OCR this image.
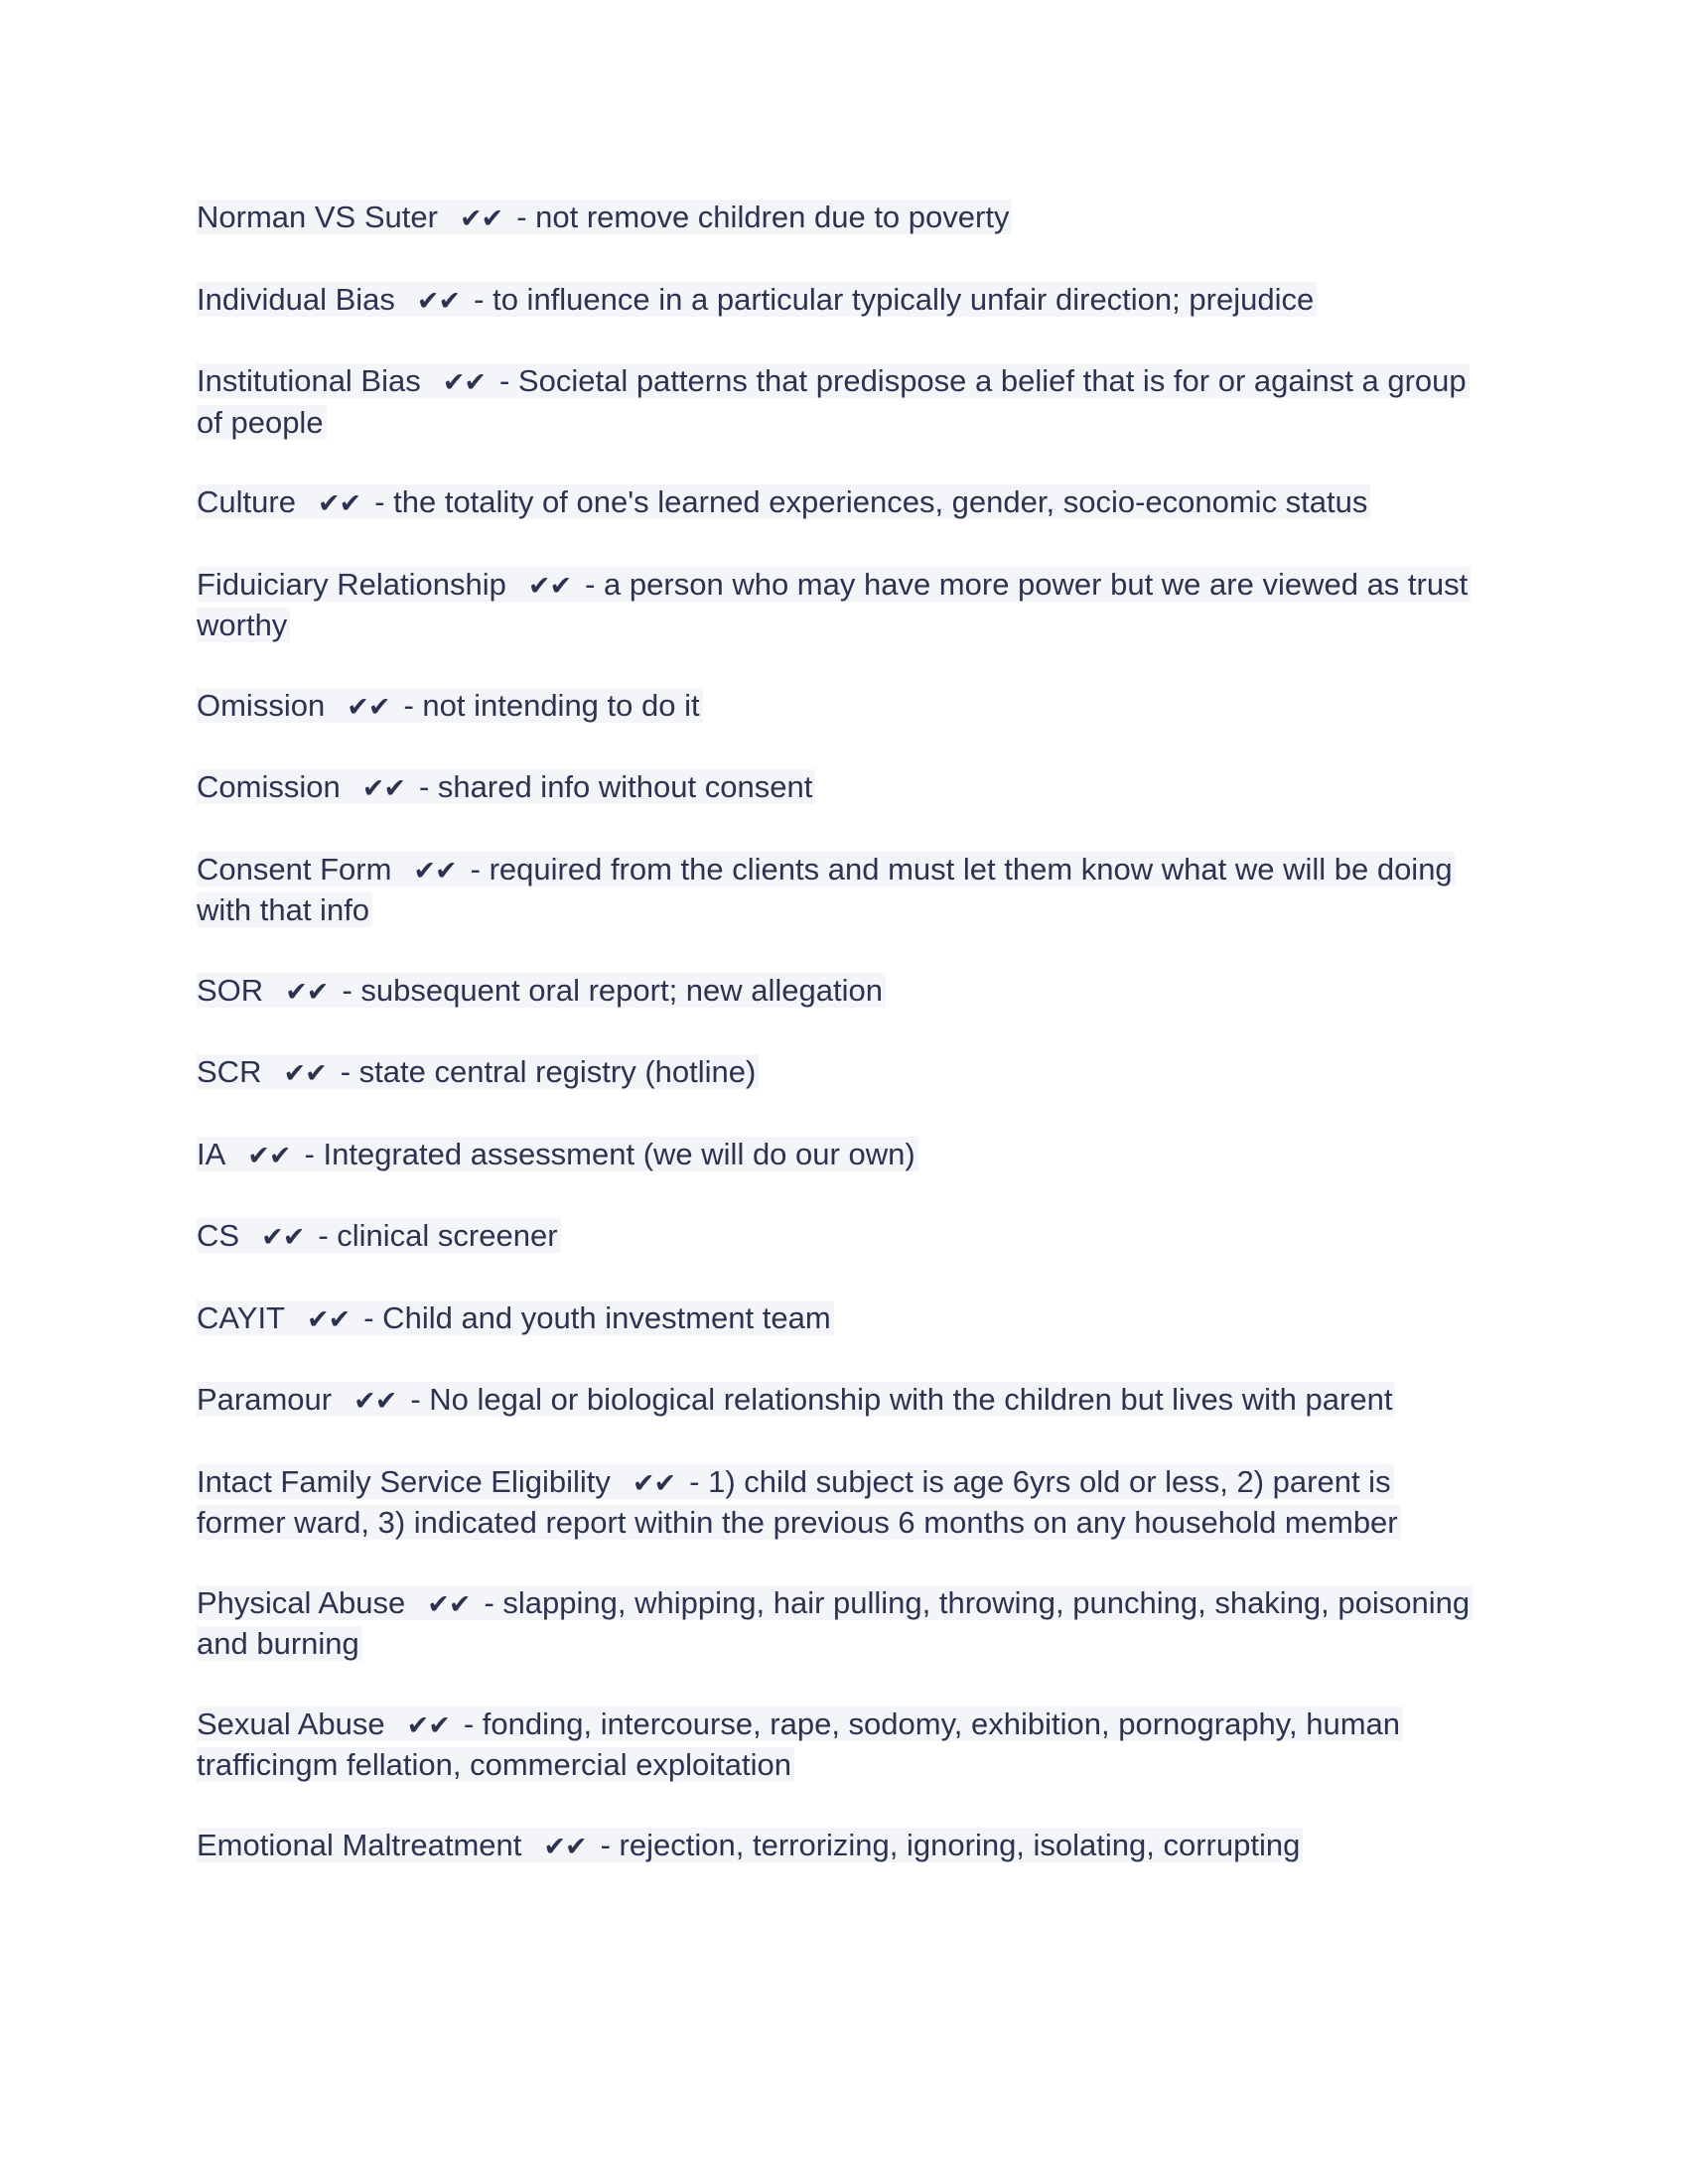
Norman VS Suter ✔✔ - not remove children due to poverty

Individual Bias ✔✔ - to influence in a particular typically unfair direction; prejudice

Institutional Bias ✔✔ - Societal patterns that predispose a belief that is for or against a group of people

Culture ✔✔ - the totality of one's learned experiences, gender, socio-economic status

Fiduiciary Relationship ✔✔ - a person who may have more power but we are viewed as trust worthy

Omission ✔✔ - not intending to do it

Comission ✔✔ - shared info without consent

Consent Form ✔✔ - required from the clients and must let them know what we will be doing with that info

SOR ✔✔ - subsequent oral report; new allegation

SCR ✔✔ - state central registry (hotline)

IA ✔✔ - Integrated assessment (we will do our own)

CS ✔✔ - clinical screener

CAYIT ✔✔ - Child and youth investment team

Paramour ✔✔ - No legal or biological relationship with the children but lives with parent

Intact Family Service Eligibility ✔✔ - 1) child subject is age 6yrs old or less, 2) parent is former ward, 3) indicated report within the previous 6 months on any household member

Physical Abuse ✔✔ - slapping, whipping, hair pulling, throwing, punching, shaking, poisoning and burning

Sexual Abuse ✔✔ - fonding, intercourse, rape, sodomy, exhibition, pornography, human trafficingm fellation, commercial exploitation

Emotional Maltreatment ✔✔ - rejection, terrorizing, ignoring, isolating, corrupting
